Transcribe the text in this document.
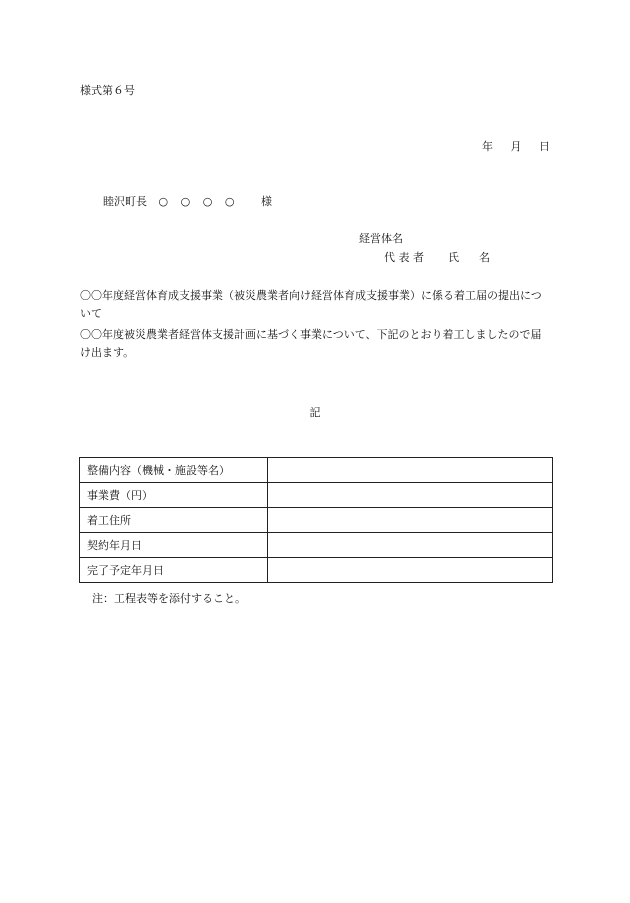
様式第６号
年 月 日
睦沢町長 ○ ○ ○ ○ 様
経営体名
代 表 者 氏 名
〇〇年度経営体育成支援事業（被災農業者向け経営体育成支援事業）に係る着工届の提出について
〇〇年度被災農業者経営体支援計画に基づく事業について、下記のとおり着工しましたので届け出ます。
記
整備内容（機械・施設等名）	
事業費（円）	
着工住所	
契約年月日	
完了予定年月日	
注：工程表等を添付すること。
